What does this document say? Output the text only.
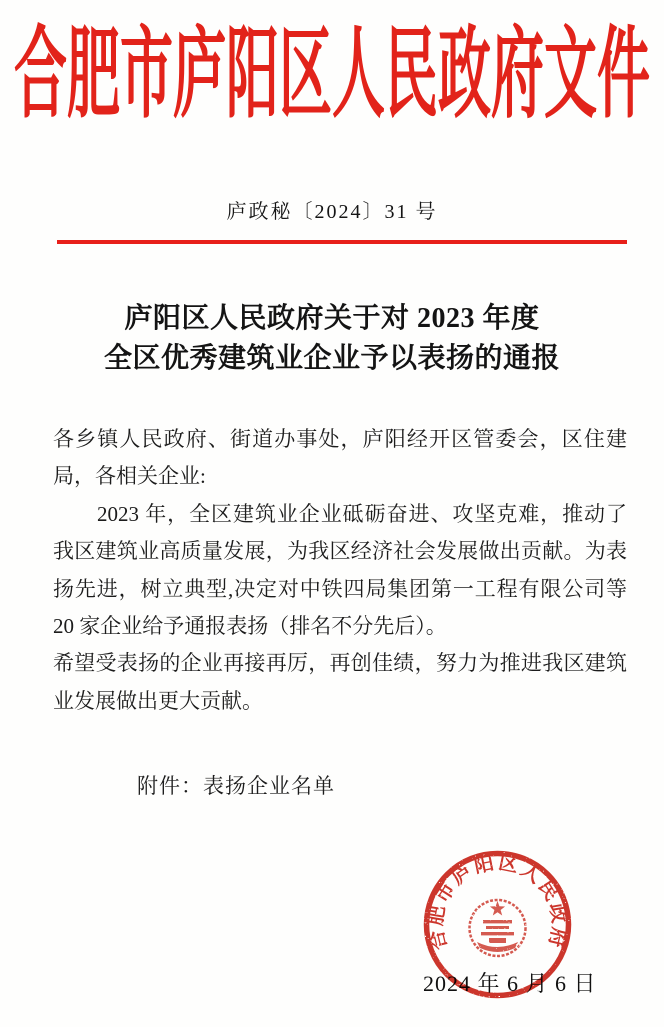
合肥市庐阳区人民政府文件
庐政秘〔2024〕31 号
庐阳区人民政府关于对 2023 年度
全区优秀建筑业企业予以表扬的通报

各乡镇人民政府、街道办事处，庐阳经开区管委会，区住建局，各相关企业:

2023 年，全区建筑业企业砥砺奋进、攻坚克难，推动了我区建筑业高质量发展，为我区经济社会发展做出贡献。为表扬先进，树立典型,决定对中铁四局集团第一工程有限公司等 20 家企业给予通报表扬（排名不分先后）。

希望受表扬的企业再接再厉，再创佳绩，努力为推进我区建筑业发展做出更大贡献。

附件：表扬企业名单
2024 年 6 月 6 日
合肥市庐阳区人民政府
